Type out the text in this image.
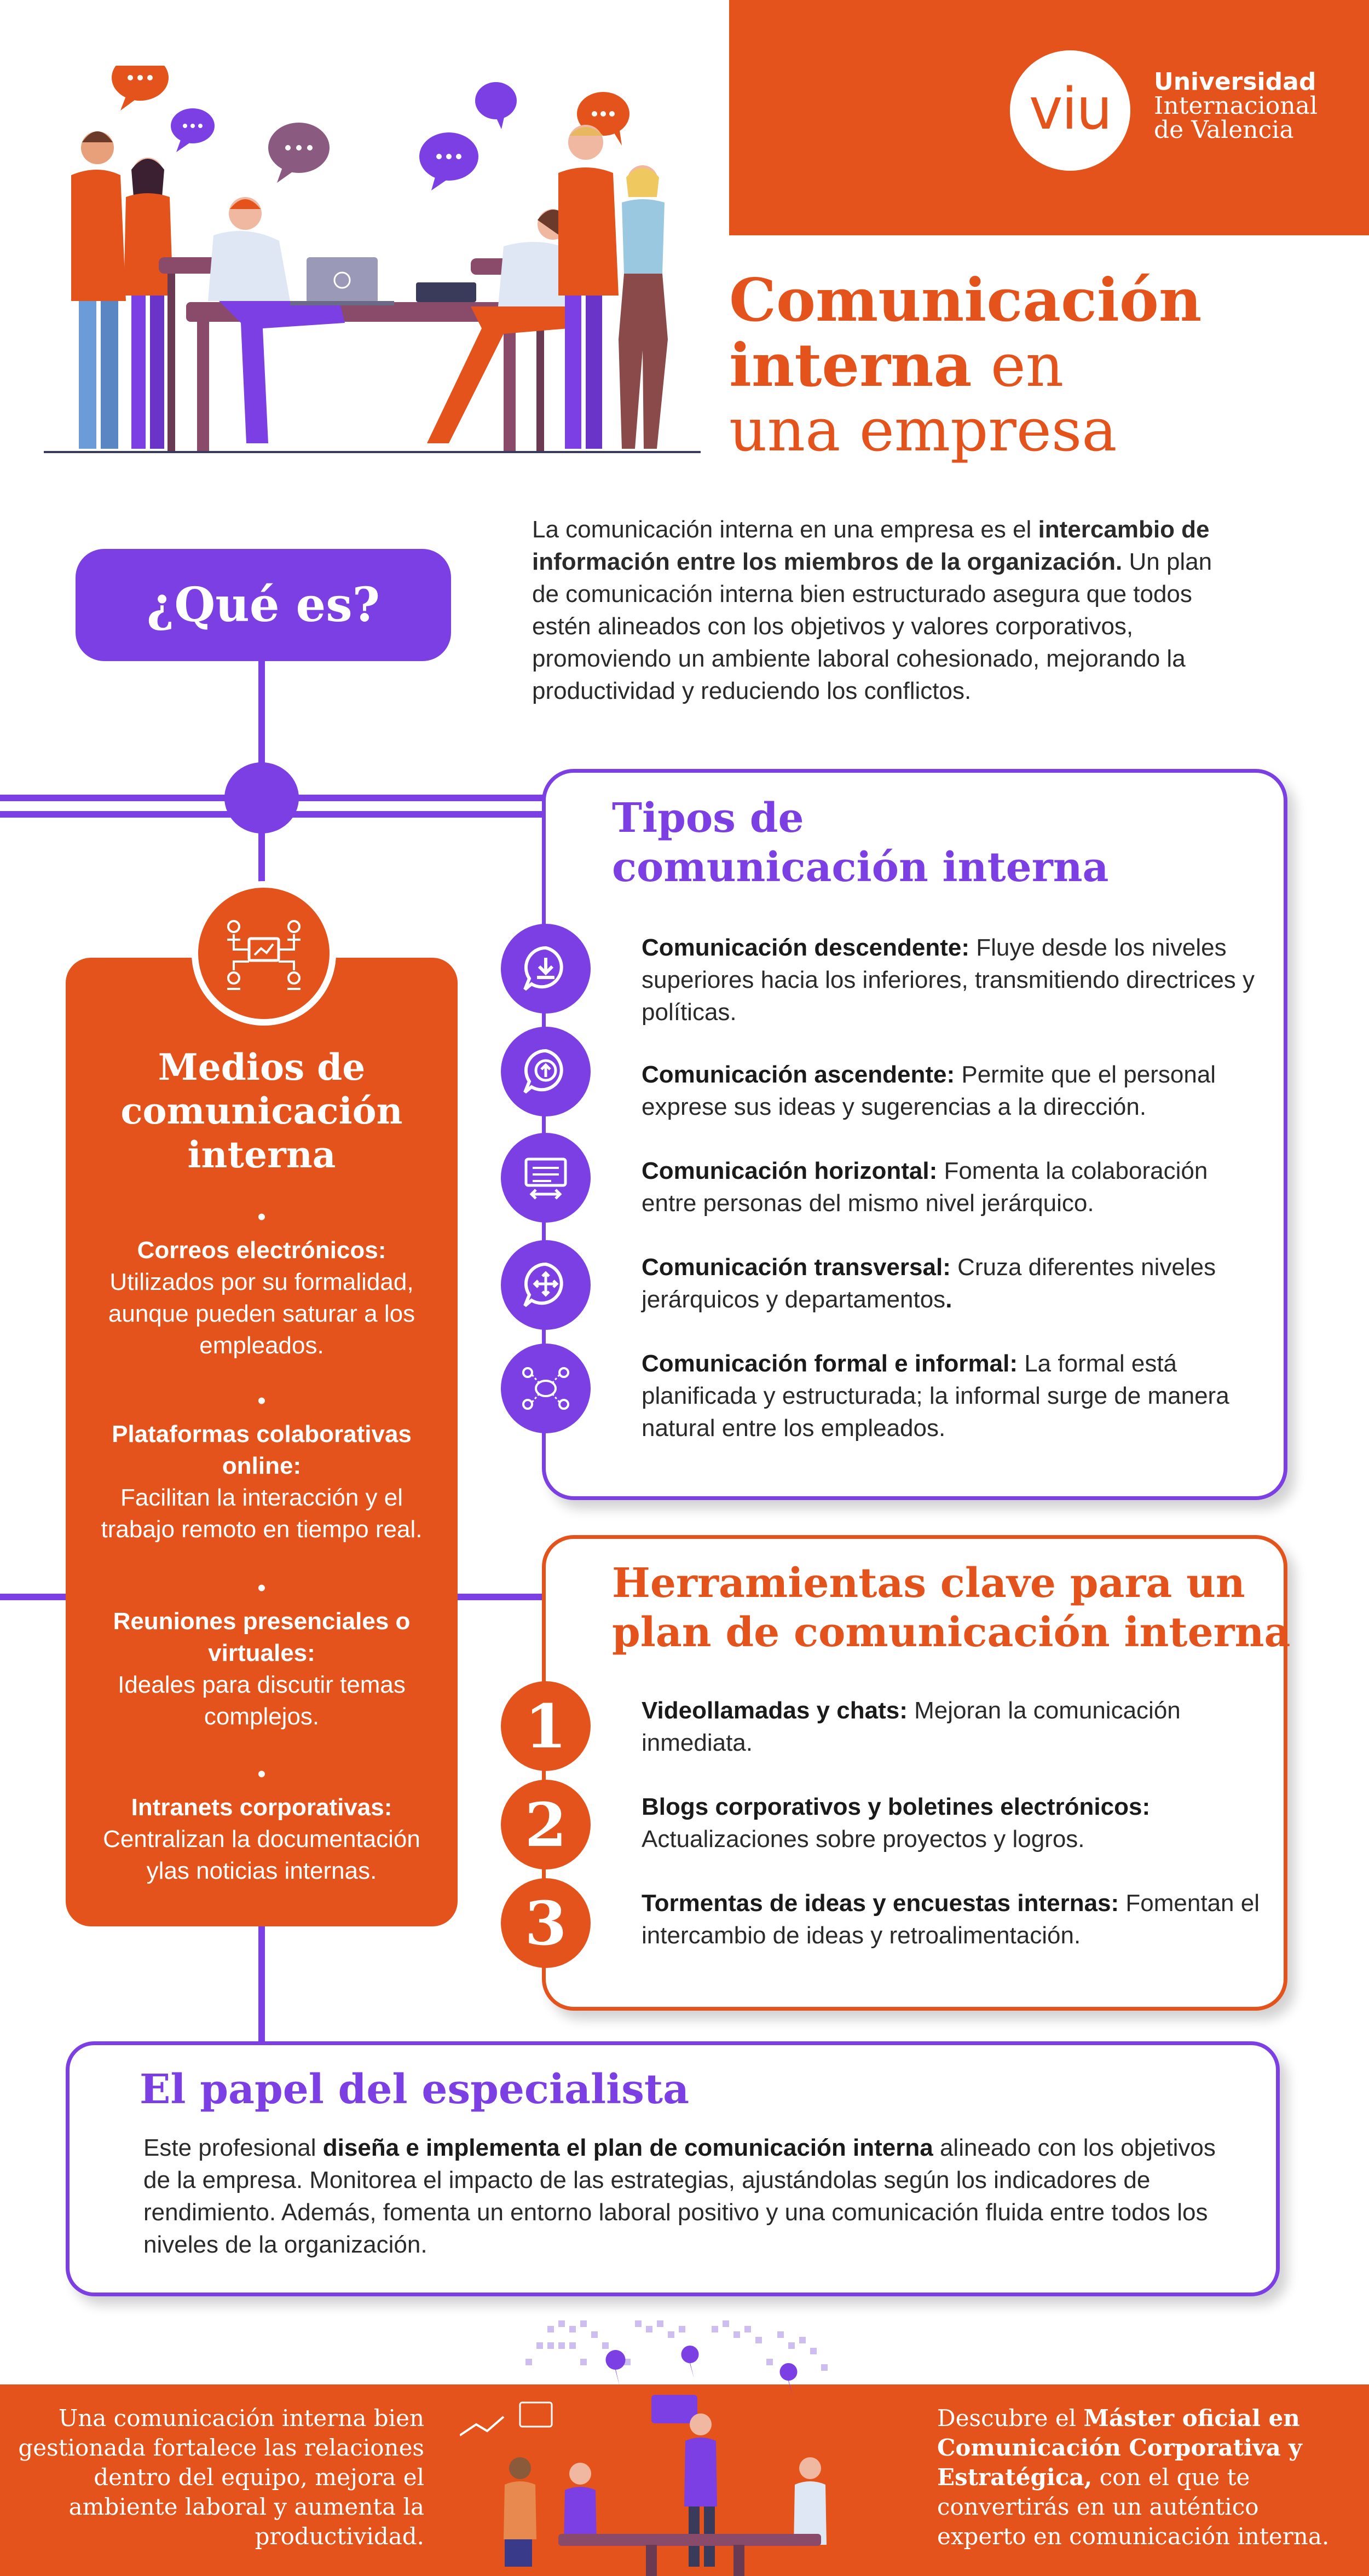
viu	Universidad
Internacional
de Valencia
Comunicación
interna en
una empresa
¿Qué es?
La comunicación interna en una empresa es el intercambio de información entre los miembros de la organización. Un plan de comunicación interna bien estructurado asegura que todos estén alineados con los objetivos y valores corporativos, promoviendo un ambiente laboral cohesionado, mejorando la productividad y reduciendo los conflictos.
Tipos de
comunicación interna
Comunicación descendente: Fluye desde los niveles superiores hacia los inferiores, transmitiendo directrices y políticas.
Comunicación ascendente: Permite que el personal exprese sus ideas y sugerencias a la dirección.
Comunicación horizontal: Fomenta la colaboración entre personas del mismo nivel jerárquico.
Comunicación transversal: Cruza diferentes niveles jerárquicos y departamentos.
Comunicación formal e informal: La formal está planificada y estructurada; la informal surge de manera natural entre los empleados.
Herramientas clave para un
plan de comunicación interna
1	Videollamadas y chats: Mejoran la comunicación inmediata.
2	Blogs corporativos y boletines electrónicos: Actualizaciones sobre proyectos y logros.
3	Tormentas de ideas y encuestas internas: Fomentan el intercambio de ideas y retroalimentación.
Medios de
comunicación
interna
•
Correos electrónicos:
Utilizados por su formalidad, aunque pueden saturar a los empleados.
•
Plataformas colaborativas online:
Facilitan la interacción y el trabajo remoto en tiempo real.
•
Reuniones presenciales o virtuales:
Ideales para discutir temas complejos.
•
Intranets corporativas:
Centralizan la documentación ylas noticias internas.
El papel del especialista
Este profesional diseña e implementa el plan de comunicación interna alineado con los objetivos de la empresa. Monitorea el impacto de las estrategias, ajustándolas según los indicadores de rendimiento. Además, fomenta un entorno laboral positivo y una comunicación fluida entre todos los niveles de la organización.
Una comunicación interna bien gestionada fortalece las relaciones dentro del equipo, mejora el ambiente laboral y aumenta la productividad.
Descubre el Máster oficial en Comunicación Corporativa y Estratégica, con el que te convertirás en un auténtico experto en comunicación interna.
